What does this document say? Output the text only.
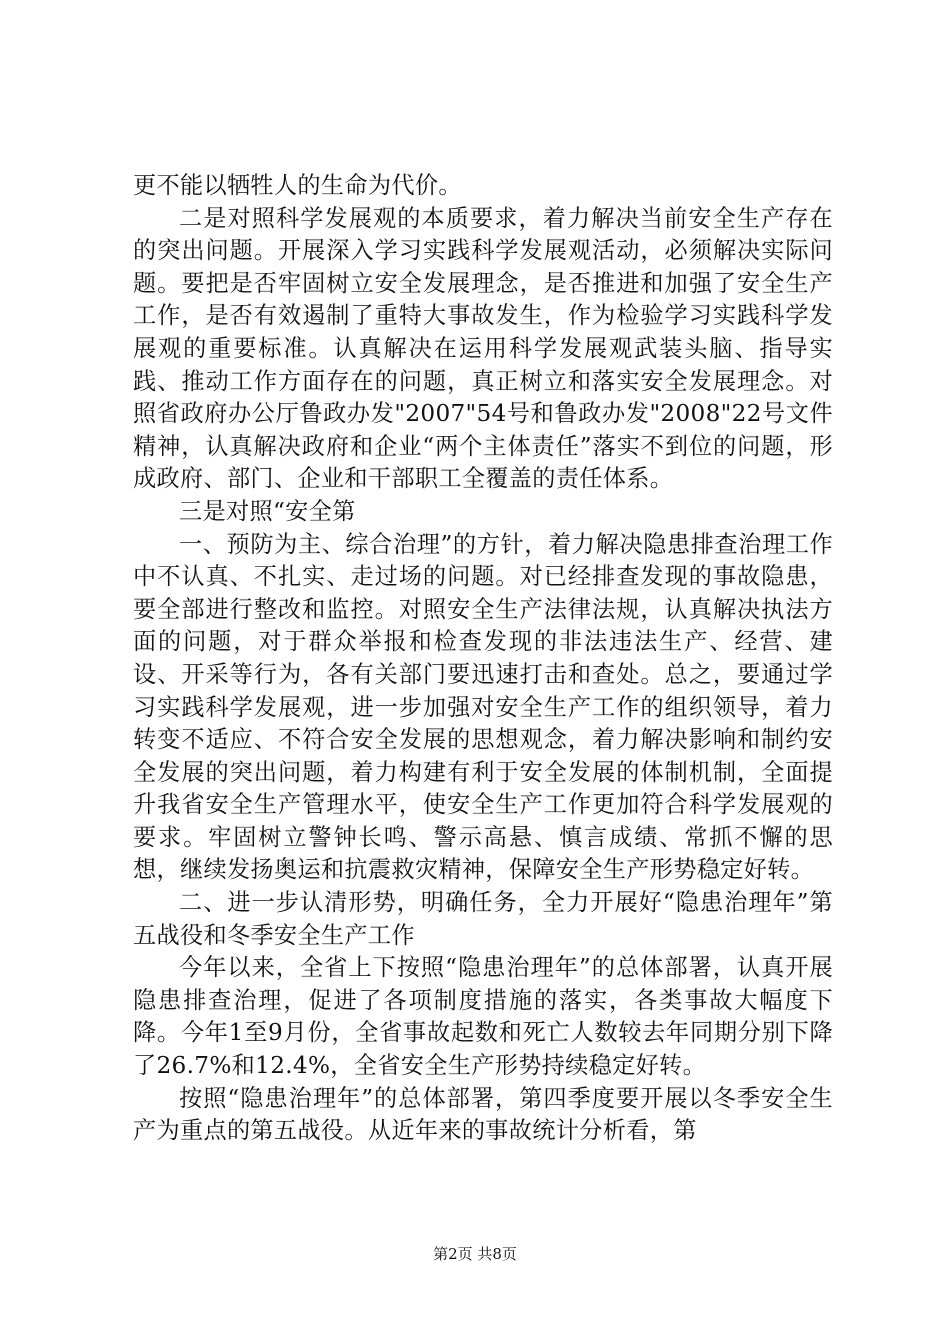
更不能以牺牲人的生命为代价。

二是对照科学发展观的本质要求，着力解决当前安全生产存在的突出问题。开展深入学习实践科学发展观活动，必须解决实际问题。要把是否牢固树立安全发展理念，是否推进和加强了安全生产工作，是否有效遏制了重特大事故发生，作为检验学习实践科学发展观的重要标准。认真解决在运用科学发展观武装头脑、指导实践、推动工作方面存在的问题，真正树立和落实安全发展理念。对照省政府办公厅鲁政办发"2007"54号和鲁政办发"2008"22号文件精神，认真解决政府和企业“两个主体责任”落实不到位的问题，形成政府、部门、企业和干部职工全覆盖的责任体系。

三是对照“安全第

一、预防为主、综合治理”的方针，着力解决隐患排查治理工作中不认真、不扎实、走过场的问题。对已经排查发现的事故隐患，要全部进行整改和监控。对照安全生产法律法规，认真解决执法方面的问题，对于群众举报和检查发现的非法违法生产、经营、建设、开采等行为，各有关部门要迅速打击和查处。总之，要通过学习实践科学发展观，进一步加强对安全生产工作的组织领导，着力转变不适应、不符合安全发展的思想观念，着力解决影响和制约安全发展的突出问题，着力构建有利于安全发展的体制机制，全面提升我省安全生产管理水平，使安全生产工作更加符合科学发展观的要求。牢固树立警钟长鸣、警示高悬、慎言成绩、常抓不懈的思想，继续发扬奥运和抗震救灾精神，保障安全生产形势稳定好转。

二、进一步认清形势，明确任务，全力开展好“隐患治理年”第五战役和冬季安全生产工作

今年以来，全省上下按照“隐患治理年”的总体部署，认真开展隐患排查治理，促进了各项制度措施的落实，各类事故大幅度下降。今年1至9月份，全省事故起数和死亡人数较去年同期分别下降了26.7%和12.4%，全省安全生产形势持续稳定好转。

按照“隐患治理年”的总体部署，第四季度要开展以冬季安全生产为重点的第五战役。从近年来的事故统计分析看，第

第2页 共8页
